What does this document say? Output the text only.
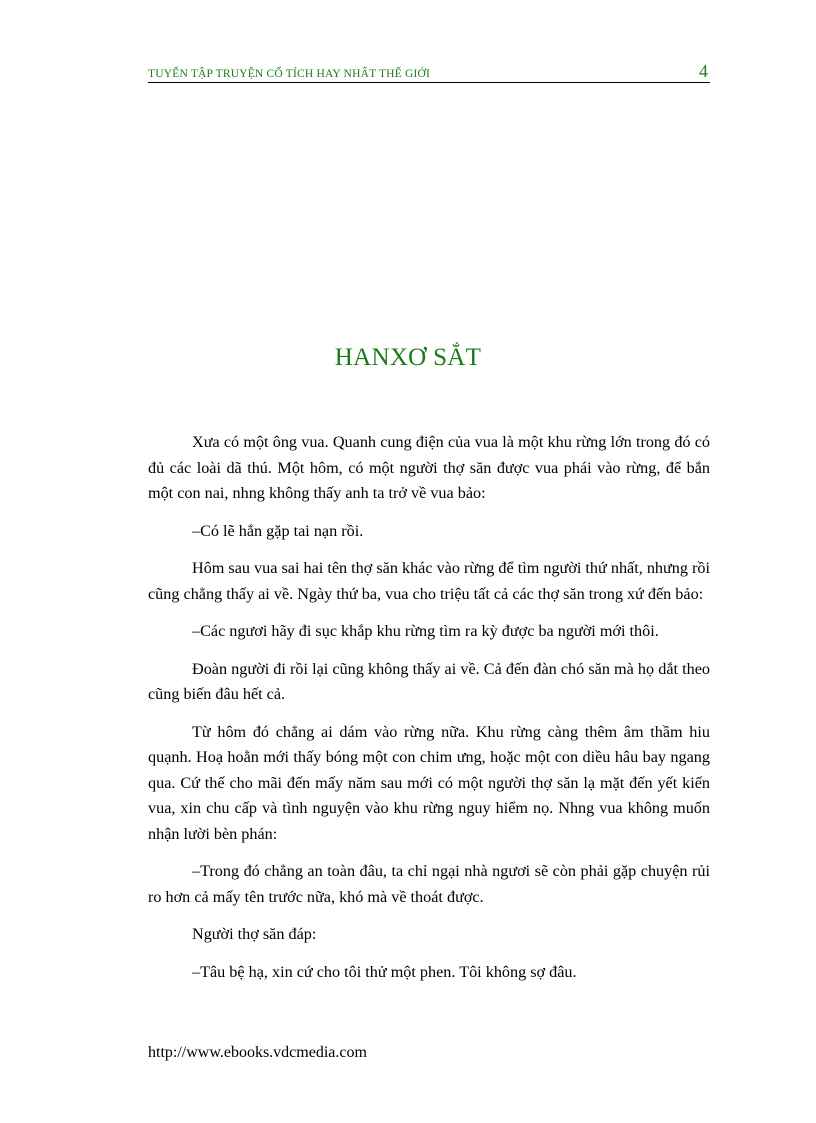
TUYỂN TẬP TRUYỆN CỔ TÍCH HAY NHẤT THẾ GIỚI	4
HANXƠ SẮT

Xưa có một ông vua. Quanh cung điện của vua là một khu rừng lớn trong đó có đủ các loài dã thú. Một hôm, có một người thợ săn được vua phái vào rừng, để bắn một con nai, nhng không thấy anh ta trở về vua bảo:

–Có lẽ hắn gặp tai nạn rồi.

Hôm sau vua sai hai tên thợ săn khác vào rừng để tìm người thứ nhất, nhưng rồi cũng chẳng thấy ai về. Ngày thứ ba, vua cho triệu tất cả các thợ săn trong xứ đến bảo:

–Các ngươi hãy đi sục khắp khu rừng tìm ra kỳ được ba người mới thôi.

Đoàn người đi rồi lại cũng không thấy ai về. Cả đến đàn chó săn mà họ dắt theo cũng biến đâu hết cả.

Từ hôm đó chẳng ai dám vào rừng nữa. Khu rừng càng thêm âm thầm hiu quạnh. Hoạ hoằn mới thấy bóng một con chim ưng, hoặc một con diều hâu bay ngang qua. Cứ thế cho mãi đến mấy năm sau mới có một người thợ săn lạ mặt đến yết kiến vua, xin chu cấp và tình nguyện vào khu rừng nguy hiểm nọ. Nhng vua không muốn nhận lười bèn phán:

–Trong đó chẳng an toàn đâu, ta chỉ ngại nhà ngươi sẽ còn phải gặp chuyện rủi ro hơn cả mấy tên trước nữa, khó mà về thoát được.

Người thợ săn đáp:

–Tâu bệ hạ, xin cứ cho tôi thử một phen. Tôi không sợ đâu.

http://www.ebooks.vdcmedia.com
